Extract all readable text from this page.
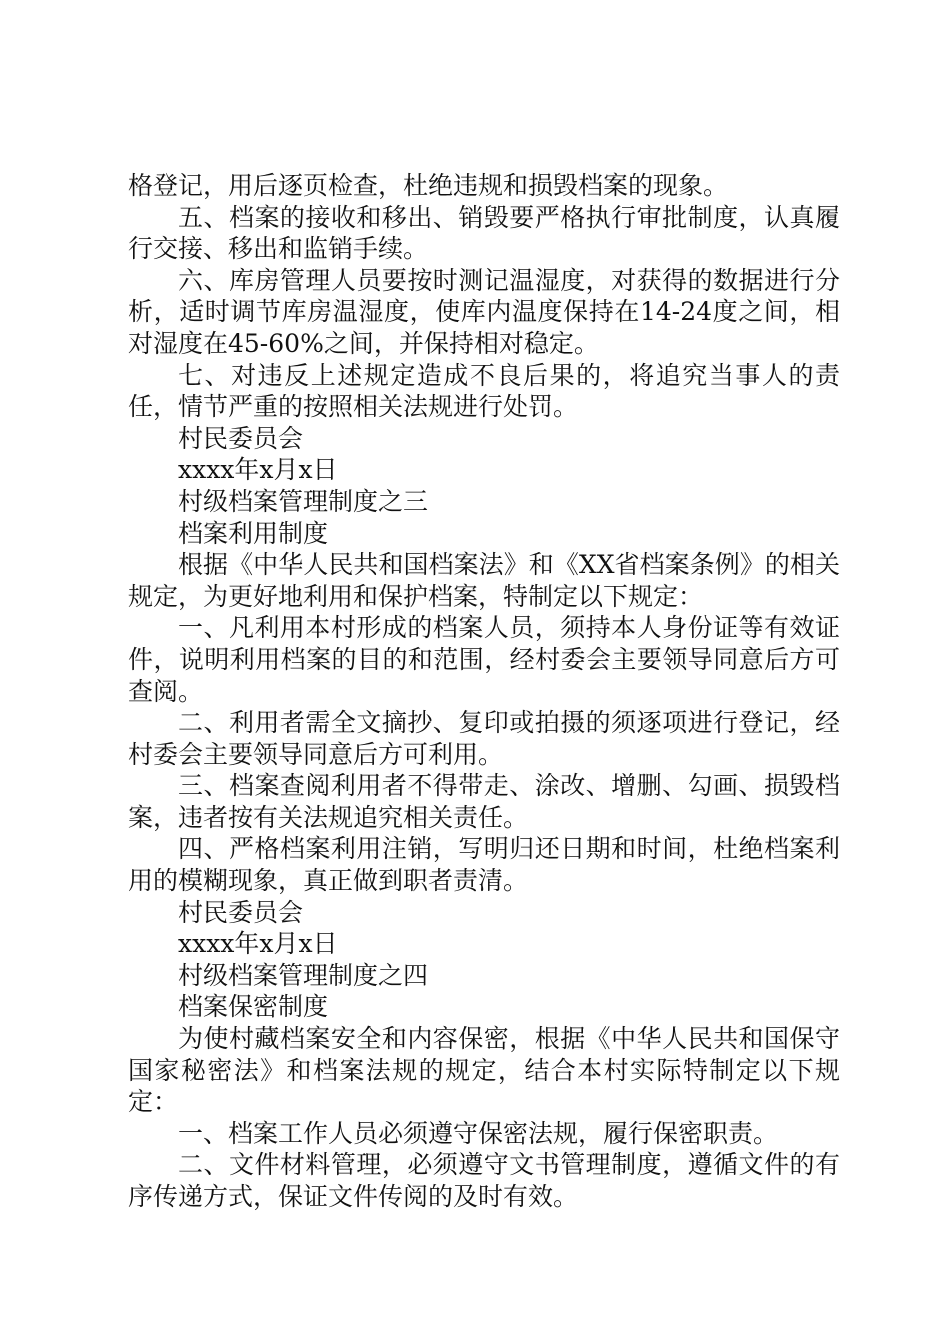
格登记，用后逐页检查，杜绝违规和损毁档案的现象。

五、档案的接收和移出、销毁要严格执行审批制度，认真履行交接、移出和监销手续。

六、库房管理人员要按时测记温湿度，对获得的数据进行分析，适时调节库房温湿度，使库内温度保持在14-24度之间，相对湿度在45-60%之间，并保持相对稳定。

七、对违反上述规定造成不良后果的，将追究当事人的责任，情节严重的按照相关法规进行处罚。

村民委员会

xxxx年x月x日

村级档案管理制度之三

档案利用制度

根据《中华人民共和国档案法》和《XX省档案条例》的相关规定，为更好地利用和保护档案，特制定以下规定：

一、凡利用本村形成的档案人员，须持本人身份证等有效证件，说明利用档案的目的和范围，经村委会主要领导同意后方可查阅。

二、利用者需全文摘抄、复印或拍摄的须逐项进行登记，经村委会主要领导同意后方可利用。

三、档案查阅利用者不得带走、涂改、增删、勾画、损毁档案，违者按有关法规追究相关责任。

四、严格档案利用注销，写明归还日期和时间，杜绝档案利用的模糊现象，真正做到职者责清。

村民委员会

xxxx年x月x日

村级档案管理制度之四

档案保密制度

为使村藏档案安全和内容保密，根据《中华人民共和国保守国家秘密法》和档案法规的规定，结合本村实际特制定以下规定：

一、档案工作人员必须遵守保密法规，履行保密职责。

二、文件材料管理，必须遵守文书管理制度，遵循文件的有序传递方式，保证文件传阅的及时有效。
